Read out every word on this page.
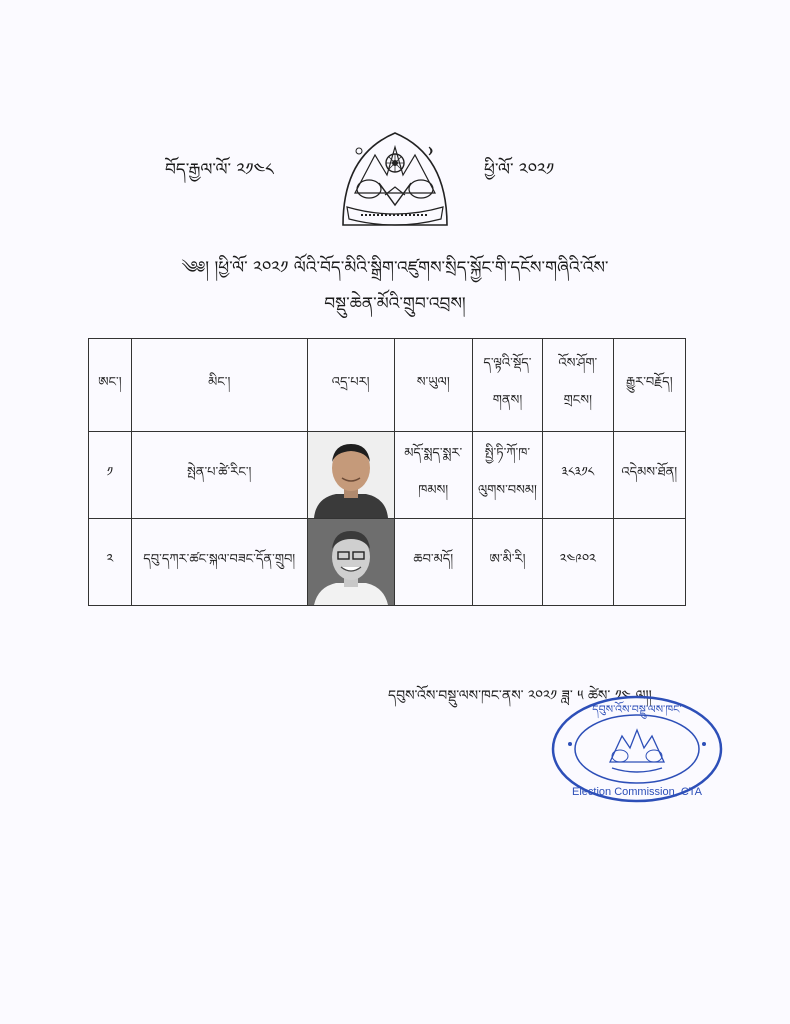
བོད་རྒྱལ་ལོ་ ༢༡༤༨	ཕྱི་ལོ་ ༢༠༢༡
༄༅། །ཕྱི་ལོ་ ༢༠༢༡ ལོའི་བོད་མིའི་སྒྲིག་འཛུགས་སྲིད་སྐྱོང་གི་དངོས་གཞིའི་འོས་
བསྡུ་ཆེན་མོའི་གྲུབ་འབྲས།
ཨང་།	མིང་།	འདྲ་པར།	ས་ཡུལ།	ད་ལྟའི་སྡོད་གནས།	འོས་ཤོག་གྲངས།	རྒྱུར་བརྗོད།
༡	སྤེན་པ་ཚེ་རིང་།		མདོ་སྨད་སྨར་ཁམས།	སྤྱི་ཏི་ཀོ་ཁ་ལུགས་བསམ།	༣༨༣༡༨	འདེམས་ཐོན།
༢	དབུ་དཀར་ཚང་སྐལ་བཟང་དོན་གྲུབ།		ཆབ་མདོ།	ཨ་མི་རི།	༢༤༩༠༢	
དབུས་འོས་བསྡུ་ལས་ཁང་ནས་ ༢༠༢༡ ཟླ་ ༥ ཚེས་ ༡༤ ལ།།
དབུས་འོས་བསྡུ་ལས་ཁང་
Election Commission, CTA
